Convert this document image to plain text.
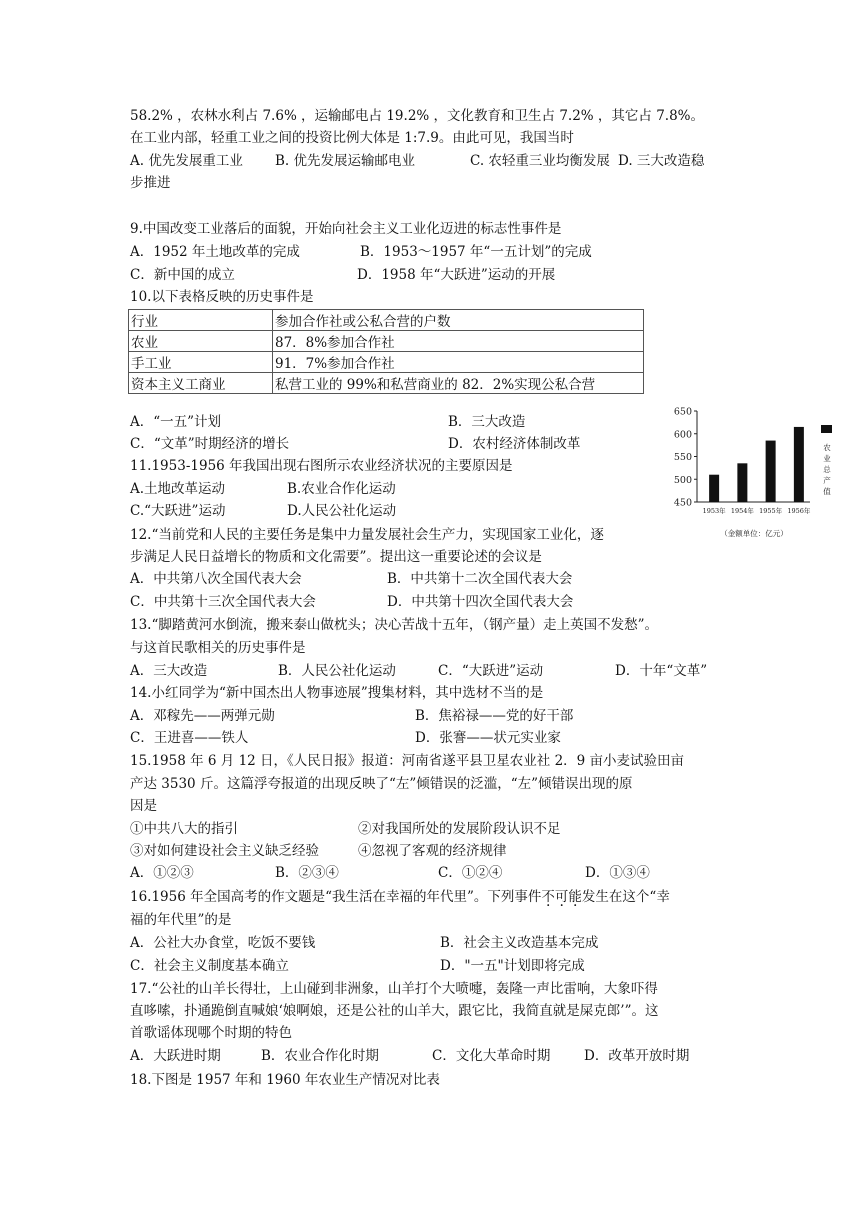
58.2% ，农林水利占 7.6% ，运输邮电占 19.2% ，文化教育和卫生占 7.2% ，其它占 7.8%。
在工业内部，轻重工业之间的投资比例大体是 1:7.9。由此可见，我国当时
A. 优先发展重工业 B. 优先发展运输邮电业	C. 农轻重三业均衡发展 D. 三大改造稳
步推进
9.中国改变工业落后的面貌，开始向社会主义工业化迈进的标志性事件是
A．1952 年土地改革的完成	B．1953～1957 年“一五计划”的完成
C．新中国的成立	D．1958 年“大跃进”运动的开展
10.以下表格反映的历史事件是
行业	参加合作社或公私合营的户数
农业	87．8%参加合作社
手工业	91．7%参加合作社
资本主义工商业	私营工业的 99%和私营商业的 82．2%实现公私合营
A．“一五”计划	B．三大改造
C．“文革”时期经济的增长	D．农村经济体制改革
11.1953-1956 年我国出现右图所示农业经济状况的主要原因是
A.土地改革运动	B.农业合作化运动
C.“大跃进”运动	D.人民公社化运动
650
600
550
500
450
1953年 1954年 1955年 1956年
农
业
总
产
值
（金额单位：亿元）
12.“当前党和人民的主要任务是集中力量发展社会生产力，实现国家工业化，逐
步满足人民日益增长的物质和文化需要”。提出这一重要论述的会议是
A．中共第八次全国代表大会	B．中共第十二次全国代表大会
C．中共第十三次全国代表大会	D．中共第十四次全国代表大会
13.“脚踏黄河水倒流，搬来泰山做枕头；决心苦战十五年，（钢产量）走上英国不发愁”。
与这首民歌相关的历史事件是
A．三大改造	B．人民公社化运动	C．“大跃进”运动	D．十年“文革”
14.小红同学为“新中国杰出人物事迹展”搜集材料，其中选材不当的是
A．邓稼先——两弹元勋	B．焦裕禄——党的好干部
C．王进喜——铁人	D．张謇——状元实业家
15.1958 年 6 月 12 日，《人民日报》报道：河南省遂平县卫星农业社 2．9 亩小麦试验田亩
产达 3530 斤。这篇浮夸报道的出现反映了“左”倾错误的泛滥，“左”倾错误出现的原
因是
①中共八大的指引	②对我国所处的发展阶段认识不足
③对如何建设社会主义缺乏经验	④忽视了客观的经济规律
A．①②③	B．②③④	C．①②④	D．①③④
16.1956 年全国高考的作文题是“我生活在幸福的年代里”。下列事件不可能发生在这个“幸
福的年代里”的是
A．公社大办食堂，吃饭不要钱	B．社会主义改造基本完成
C．社会主义制度基本确立	D．"一五"计划即将完成
17.“公社的山羊长得壮，上山碰到非洲象，山羊打个大喷嚏，轰隆一声比雷响，大象吓得
直哆嗦，扑通跪倒直喊娘‘娘啊娘，还是公社的山羊大，跟它比，我简直就是屎克郎’”。这
首歌谣体现哪个时期的特色
A．大跃进时期	B．农业合作化时期	C．文化大革命时期 D．改革开放时期
18.下图是 1957 年和 1960 年农业生产情况对比表
